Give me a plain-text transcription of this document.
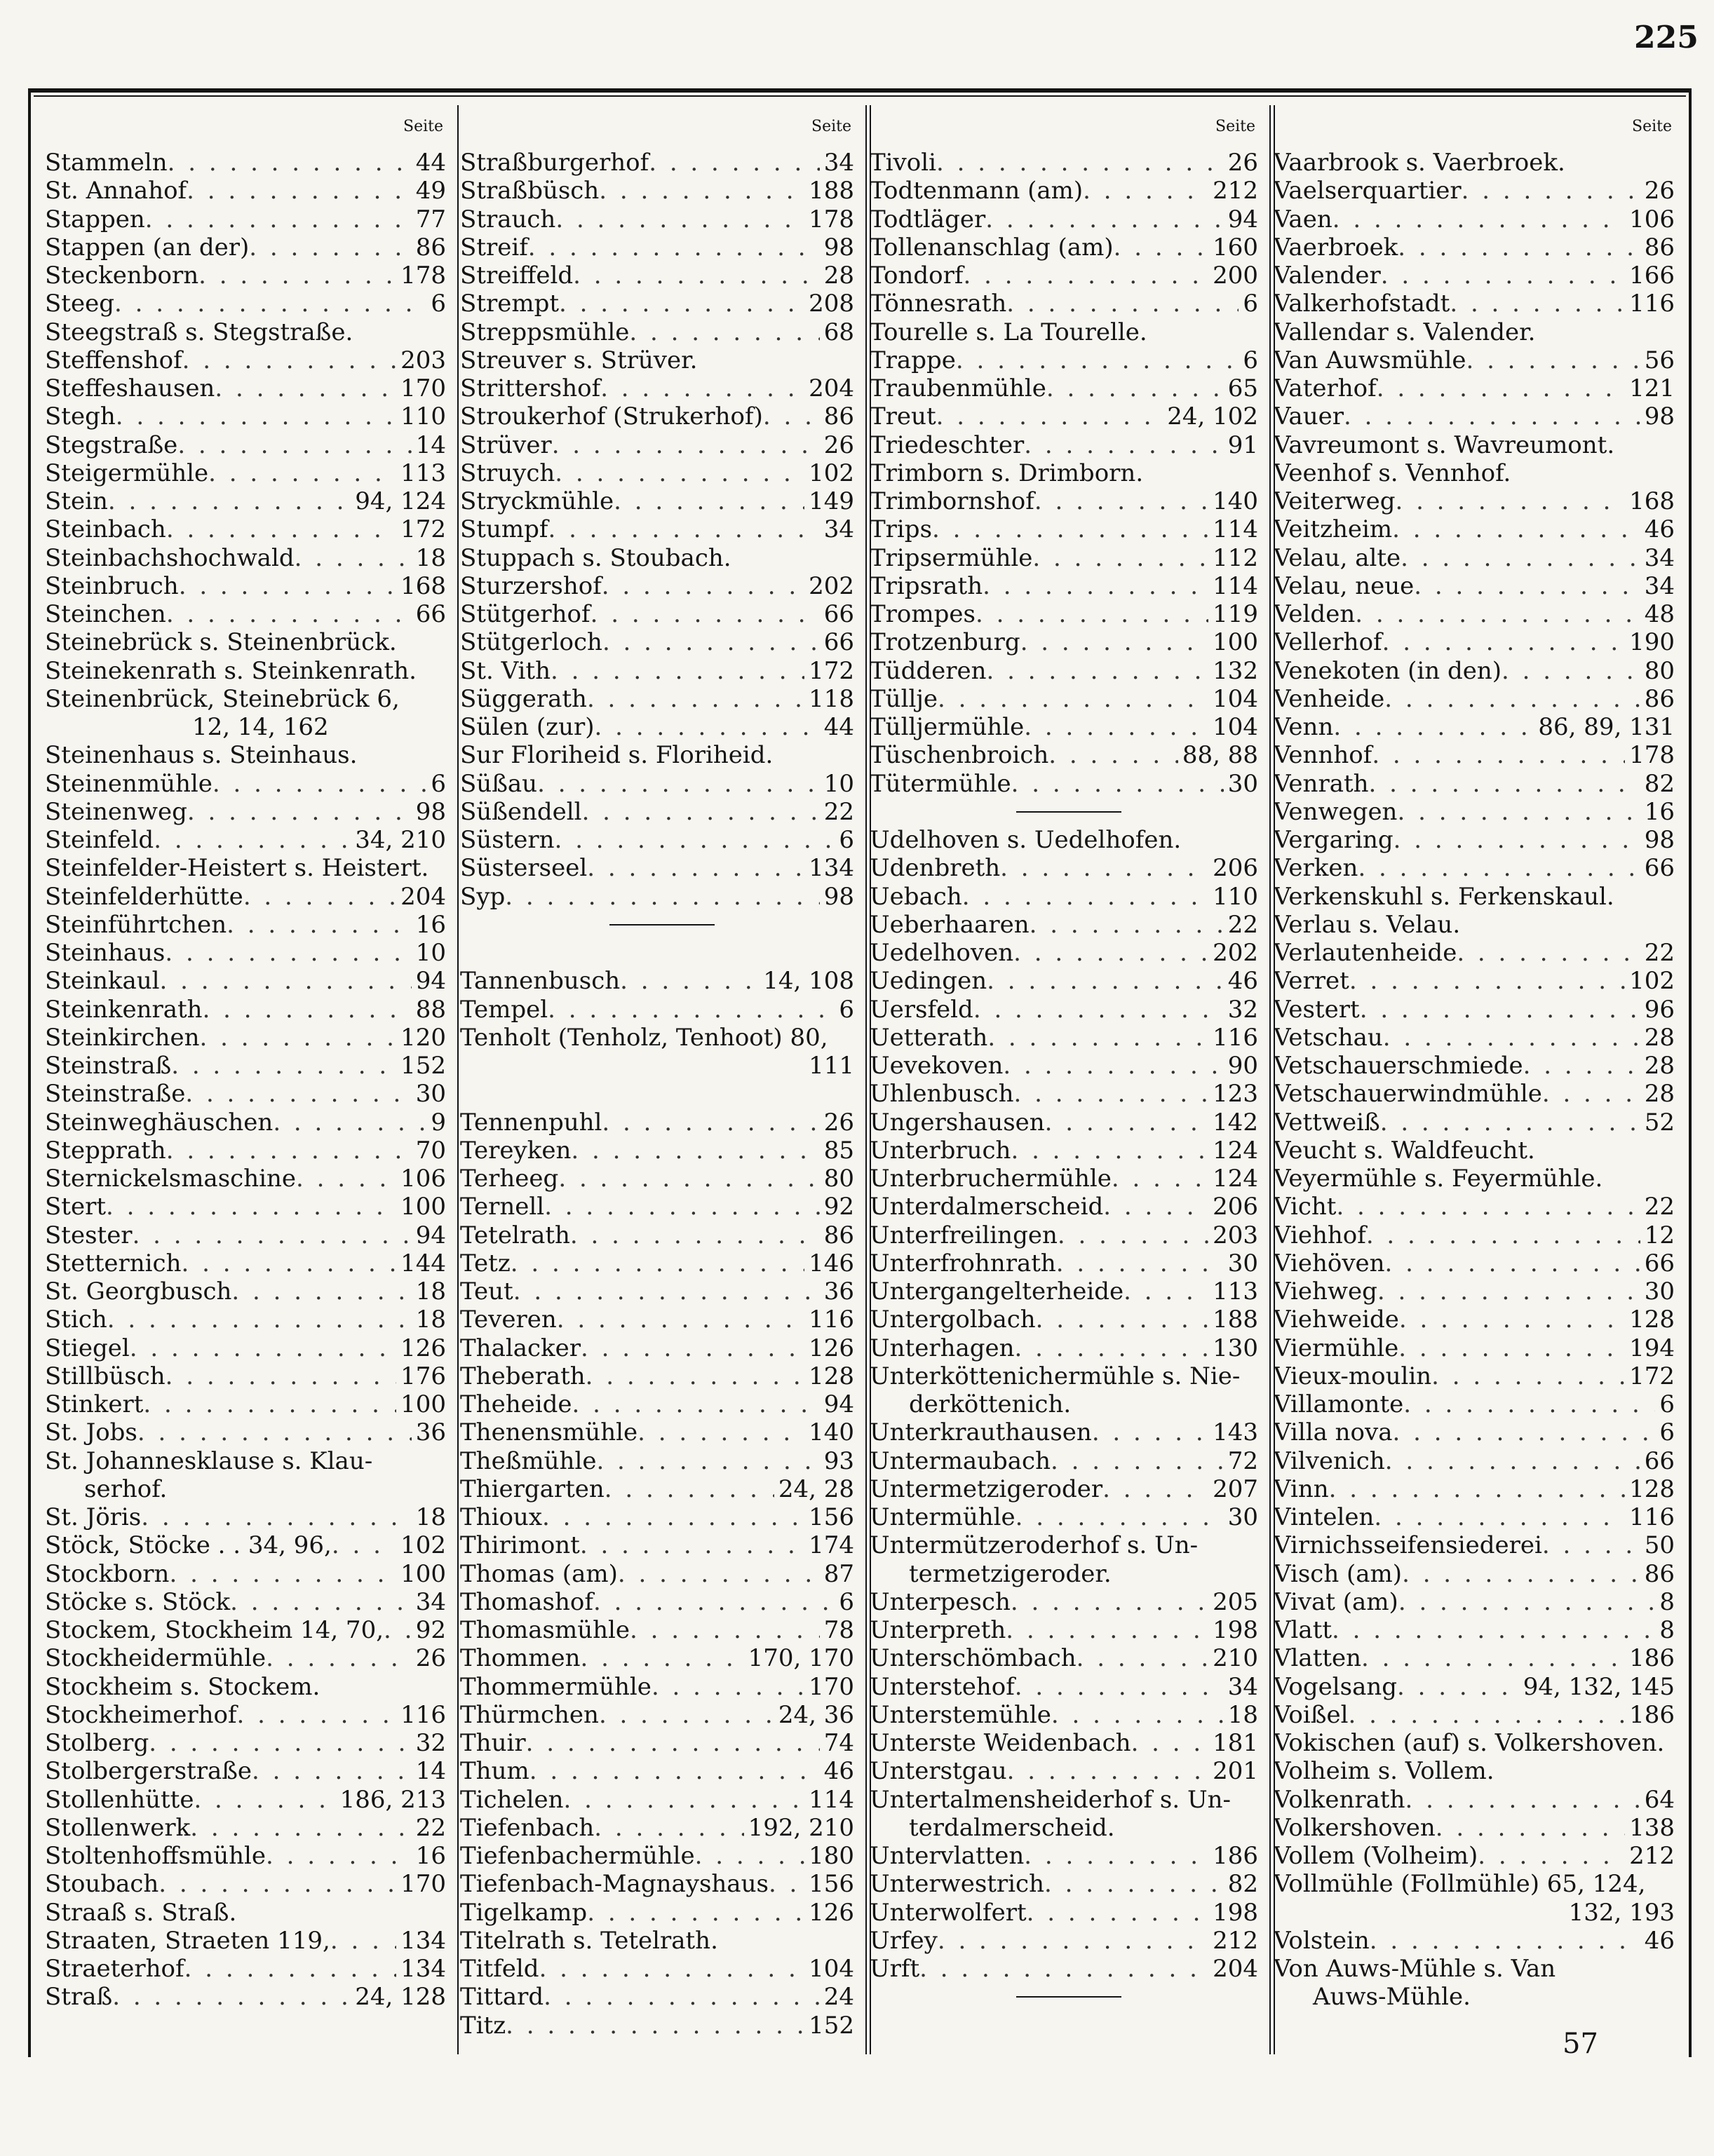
225
Seite
Stammeln . . .	44
St. Annahof . . .	49
Stappen . . .	77
Stappen (an der) . . .	86
Steckenborn . . .	178
Steeg . . .	6
Steegstraß s. Stegstraße.
Steffenshof . . .	203
Steffeshausen . . .	170
Stegh . . .	110
Stegstraße . . .	14
Steigermühle . . .	113
Stein . . .	94, 124
Steinbach . . .	172
Steinbachshochwald . . .	18
Steinbruch . . .	168
Steinchen . . .	66
Steinebrück s. Steinenbrück.
Steinekenrath s. Steinkenrath.
Steinenbrück, Steinebrück 6,
12, 14, 162
Steinenhaus s. Steinhaus.
Steinenmühle . . .	6
Steinenweg . . .	98
Steinfeld . . .	34, 210
Steinfelder-Heistert s. Heistert.
Steinfelderhütte . . .	204
Steinführtchen . . .	16
Steinhaus . . .	10
Steinkaul . . .	94
Steinkenrath . . .	88
Steinkirchen . . .	120
Steinstraß . . .	152
Steinstraße . . .	30
Steinweghäuschen . . .	9
Stepprath . . .	70
Sternickelsmaschine . . .	106
Stert . . .	100
Stester . . .	94
Stetternich . . .	144
St. Georgbusch . . .	18
Stich . . .	18
Stiegel . . .	126
Stillbüsch . . .	176
Stinkert . . .	100
St. Jobs . . .	36
St. Johannesklause s. Klau-
serhof.
St. Jöris . . .	18
Stöck, Stöcke . . 34, 96, . . .	102
Stockborn . . .	100
Stöcke s. Stöck . . .	34
Stockem, Stockheim 14, 70, . . . 92
Stockheidermühle . . .	26
Stockheim s. Stockem.
Stockheimerhof . . .	116
Stolberg . . .	32
Stolbergerstraße . . .	14
Stollenhütte . . .	186, 213
Stollenwerk . . .	22
Stoltenhoffsmühle . . .	16
Stoubach . . .	170
Straaß s. Straß.
Straaten, Straeten 119, . . .	134
Straeterhof . . .	134
Straß . . .	24, 128
Seite
Straßburgerhof . . .	34
Straßbüsch . . .	188
Strauch . . .	178
Streif . . .	98
Streiffeld . . .	28
Strempt . . .	208
Streppsmühle . . .	68
Streuver s. Strüver.
Strittershof . . .	204
Stroukerhof (Strukerhof) . . .	86
Strüver . . .	26
Struych . . .	102
Stryckmühle . . .	149
Stumpf . . .	34
Stuppach s. Stoubach.
Sturzershof . . .	202
Stütgerhof . . .	66
Stütgerloch . . .	66
St. Vith . . .	172
Süggerath . . .	118
Sülen (zur) . . .	44
Sur Floriheid s. Floriheid.
Süßau . . .	10
Süßendell . . .	22
Süstern . . .	6
Süsterseel . . .	134
Syp . . .	98
Tannenbusch . . .	14, 108
Tempel . . .	6
Tenholt (Tenholz, Tenhoot) 80,
111
Tennenpuhl . . .	26
Tereyken . . .	85
Terheeg . . .	80
Ternell . . .	92
Tetelrath . . .	86
Tetz . . .	146
Teut . . .	36
Teveren . . .	116
Thalacker . . .	126
Theberath . . .	128
Theheide . . .	94
Thenensmühle . . .	140
Theßmühle . . .	93
Thiergarten . . .	24, 28
Thioux . . .	156
Thirimont . . .	174
Thomas (am) . . .	87
Thomashof . . .	6
Thomasmühle . . .	78
Thommen . . .	170, 170
Thommermühle . . .	170
Thürmchen . . .	24, 36
Thuir . . .	74
Thum . . .	46
Tichelen . . .	114
Tiefenbach . . .	192, 210
Tiefenbachermühle . . .	180
Tiefenbach-Magnayshaus . . . 156
Tigelkamp . . .	126
Titelrath s. Tetelrath.
Titfeld . . .	104
Tittard . . .	24
Titz . . .	152
Seite
Tivoli . . .	26
Todtenmann (am) . . .	212
Todtläger . . .	94
Tollenanschlag (am) . . .	160
Tondorf . . .	200
Tönnesrath . . .	6
Tourelle s. La Tourelle.
Trappe . . .	6
Traubenmühle . . .	65
Treut . . .	24, 102
Triedeschter . . .	91
Trimborn s. Drimborn.
Trimbornshof . . .	140
Trips . . .	114
Tripsermühle . . .	112
Tripsrath . . .	114
Trompes . . .	119
Trotzenburg . . .	100
Tüdderen . . .	132
Tüllje . . .	104
Tülljermühle . . .	104
Tüschenbroich . . .	88, 88
Tütermühle . . .	30
Udelhoven s. Uedelhofen.
Udenbreth . . .	206
Uebach . . .	110
Ueberhaaren . . .	22
Uedelhoven . . .	202
Uedingen . . .	46
Uersfeld . . .	32
Uetterath . . .	116
Uevekoven . . .	90
Uhlenbusch . . .	123
Ungershausen . . .	142
Unterbruch . . .	124
Unterbruchermühle . . .	124
Unterdalmerscheid . . .	206
Unterfreilingen . . .	203
Unterfrohnrath . . .	30
Untergangelterheide . . .	113
Untergolbach . . .	188
Unterhagen . . .	130
Unterköttenichermühle s. Nie-
derköttenich.
Unterkrauthausen . . .	143
Untermaubach . . .	72
Untermetzigeroder . . .	207
Untermühle . . .	30
Untermützeroderhof s. Un-
termetzigeroder.
Unterpesch . . .	205
Unterpreth . . .	198
Unterschömbach . . .	210
Unterstehof . . .	34
Unterstemühle . . .	18
Unterste Weidenbach . . .	181
Unterstgau . . .	201
Untertalmensheiderhof s. Un-
terdalmerscheid.
Untervlatten . . .	186
Unterwestrich . . .	82
Unterwolfert . . .	198
Urfey . . .	212
Urft . . .	204
Seite
Vaarbrook s. Vaerbroek.
Vaelserquartier . . .	26
Vaen . . .	106
Vaerbroek . . .	86
Valender . . .	166
Valkerhofstadt . . .	116
Vallendar s. Valender.
Van Auwsmühle . . .	56
Vaterhof . . .	121
Vauer . . .	98
Vavreumont s. Wavreumont.
Veenhof s. Vennhof.
Veiterweg . . .	168
Veitzheim . . .	46
Velau, alte . . .	34
Velau, neue . . .	34
Velden . . .	48
Vellerhof . . .	190
Venekoten (in den) . . .	80
Venheide . . .	86
Venn . . .	86, 89, 131
Vennhof . . .	178
Venrath . . .	82
Venwegen . . .	16
Vergaring . . .	98
Verken . . .	66
Verkenskuhl s. Ferkenskaul.
Verlau s. Velau.
Verlautenheide . . .	22
Verret . . .	102
Vestert . . .	96
Vetschau . . .	28
Vetschauerschmiede . . .	28
Vetschauerwindmühle . . .	28
Vettweiß . . .	52
Veucht s. Waldfeucht.
Veyermühle s. Feyermühle.
Vicht . . .	22
Viehhof . . .	12
Viehöven . . .	66
Viehweg . . .	30
Viehweide . . .	128
Viermühle . . .	194
Vieux-moulin . . .	172
Villamonte . . .	6
Villa nova . . .	6
Vilvenich . . .	66
Vinn . . .	128
Vintelen . . .	116
Virnichsseifensiederei . . .	50
Visch (am) . . .	86
Vivat (am) . . .	8
Vlatt . . .	8
Vlatten . . .	186
Vogelsang . . .	94, 132, 145
Voißel . . .	186
Vokischen (auf) s. Volkershoven.
Volheim s. Vollem.
Volkenrath . . .	64
Volkershoven . . .	138
Vollem (Volheim) . . .	212
Vollmühle (Follmühle) 65, 124,
132, 193
Volstein . . .	46
Von Auws-Mühle s. Van
Auws-Mühle.
57
